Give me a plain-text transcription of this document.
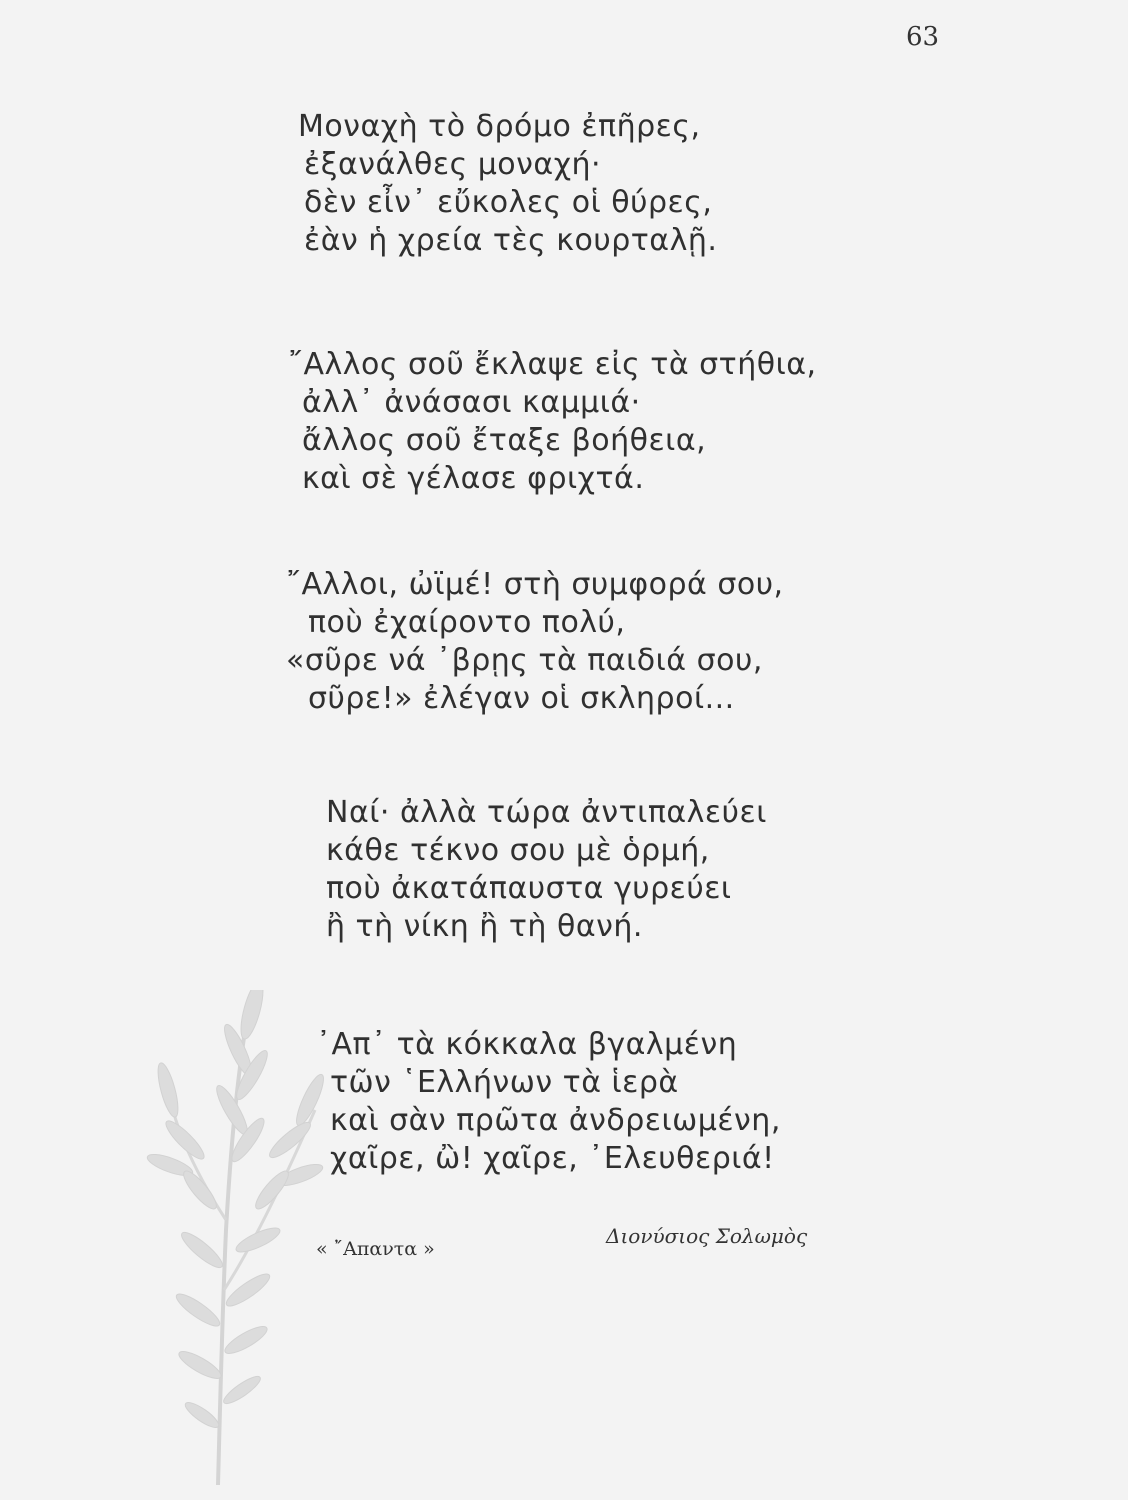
63
Μοναχὴ τὸ δρόμο ἐπῆρες,
ἐξανάλθες μοναχή·
δὲν εἶν᾿ εὔκολες οἱ θύρες,
ἐὰν ἡ χρεία τὲς κουρταλῇ.
῎Αλλος σοῦ ἔκλαψε εἰς τὰ στήθια,
ἀλλ᾿ ἀνάσασι καμμιά·
ἄλλος σοῦ ἔταξε βοήθεια,
καὶ σὲ γέλασε φριχτά.
῎Αλλοι, ὠϊμέ! στὴ συμφορά σου,
ποὺ ἐχαίροντο πολύ,
«σῦρε νά ᾿βρῃς τὰ παιδιά σου,
σῦρε!» ἐλέγαν οἱ σκληροί...
Ναί· ἀλλὰ τώρα ἀντιπαλεύει
κάθε τέκνο σου μὲ ὁρμή,
ποὺ ἀκατάπαυστα γυρεύει
ἢ τὴ νίκη ἢ τὴ θανή.
᾿Απ᾿ τὰ κόκκαλα βγαλμένη
τῶν ῾Ελλήνων τὰ ἱερὰ
καὶ σὰν πρῶτα ἀνδρειωμένη,
χαῖρε, ὢ! χαῖρε, ᾿Ελευθεριά!
« ῎Απαντα »
Διονύσιος Σολωμὸς
